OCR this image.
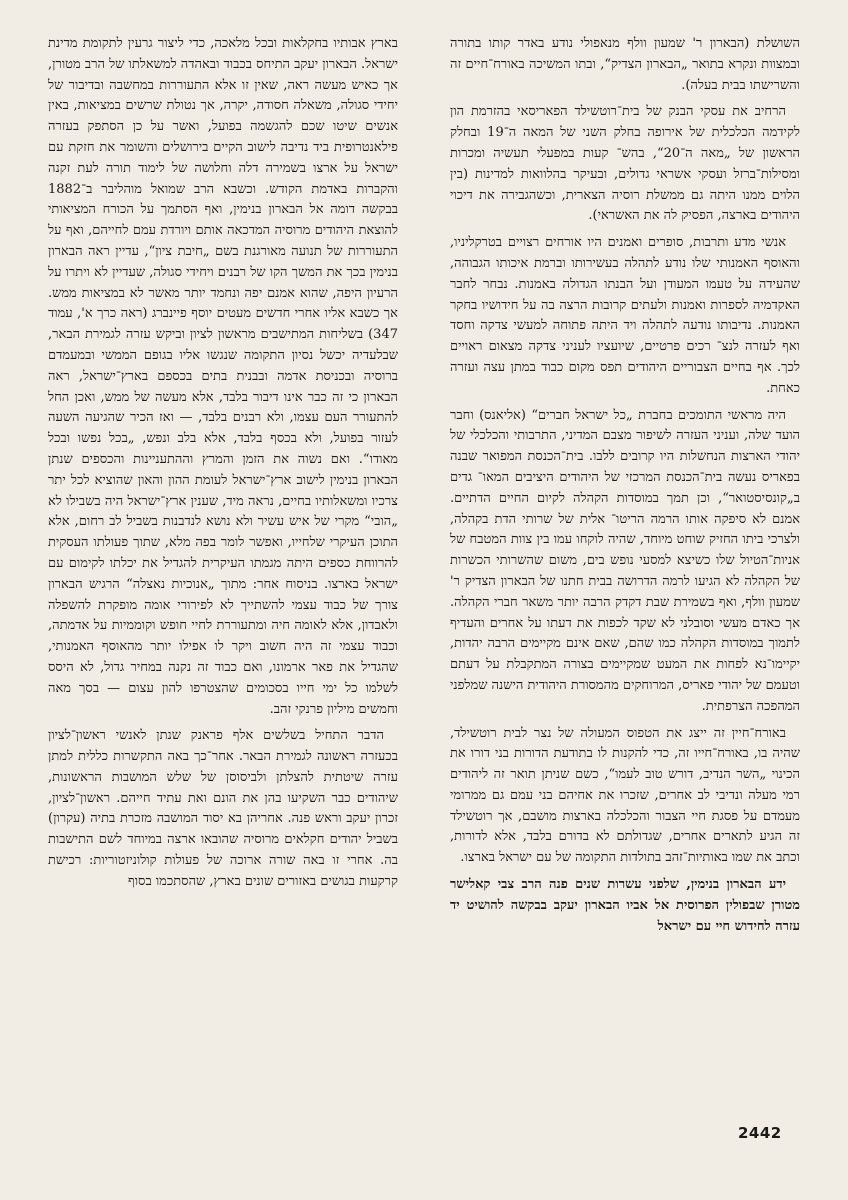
השושלת (הבארון ר' שמעון וולף מנאפולי נודע באדר קותו בתורה ובמצוות ונקרא בתואר „הבארון הצדיק“, ובתו המשיכה באורח־חיים זה והשרישתו בבית בעלה).

הרחיב את עסקי הבנק של בית־רוטשילד הפאריסאי בהזרמת הון לקידמה הכלכלית של אירופה בחלק השני של המאה ה־19 ובחלק הראשון של „מאה ה־20“, בהש־ קעות במפעלי תעשיה ומכרות ומסילות־ברזל ועסקי אשראי גדולים, ובעיקר בהלוואות למדינות (בין הלוים ממנו היתה גם ממשלת רוסיה הצארית, וכשהגבירה את דיכוי היהודים בארצה, הפסיק לה את האשראי).

אנשי מדע ותרבות, סופרים ואמנים היו אורחים רצויים בטרקליניו, והאוסף האמנותי שלו נודע לתהלה בעשירותו וברמת איכותו הגבוהה, שהעידה על טעמו המעודן ועל הבנתו הגדולה באמנות. נבחר לחבר האקדמיה לספרות ואמנות ולעתים קרובות הרצה בה על חידושיו בחקר האמנות. נדיבותו נודעה לתהלה ויד היתה פתוחה למעשי צדקה וחסד ואף לעזרה לנצ־ רכים פרטיים, שיועציו לעניני צדקה מצאום ראויים לכך. אף בחיים הצבוריים היהודים תפס מקום כבוד במתן עצה ועזרה כאחת.

היה מראשי התומכים בחברת „כל ישראל חברים“ (אליאנס) וחבר הועד שלה, ועניני העזרה לשיפור מצבם המדיני, התרבותי והכלכלי של יהודי הארצות הנחשלות היו קרובים ללבו. בית־הכנסת המפואר שבנה בפאריס נעשה בית־הכנסת המרכזי של היהודים היציבים המאו־ גדים ב„קונסיסטואר“, וכן תמך במוסדות הקהלה לקיום החיים הדתיים. אמנם לא סיפקה אותו הרמה הריטו־ אלית של שרותי הדת בקהלה, ולצרכי ביתו החזיק שוחט מיוחד, שהיה לוקחו עמו בין צוות המטבח של אניות־הטיול שלו כשיצא למסעי נופש בים, משום שהשרותי הכשרות של הקהלה לא הגיעו לרמה הדרושה בבית חתנו של הבארון הצדיק ר' שמעון וולף, ואף בשמירת שבת דקדק הרבה יותר משאר חברי הקהלה. אך כאדם מעשי וסובלני לא שקד לכפות את דעתו על אחרים והעדיף לתמוך במוסדות הקהלה כמו שהם, שאם אינם מקיימים הרבה יהדות, יקיימו־נא לפחות את המעט שמקיימים בצורה המתקבלת על דעתם וטעמם של יהודי פאריס, המרוחקים מהמסורת היהודית הישנה שמלפני המהפכה הצרפתית.

באורח־חיין זה ייצג את הטפוס המעולה של נצר לבית רוטשילד, שהיה בו, באורח־חייו זה, כדי להקנות לו בתודעת הדורות בני דורו את הכינוי „השר הנדיב, דורש טוב לעמו“, כשם שניתן תואר זה ליהודים רמי מעלה ונדיבי לב אחרים, שזכרו את אחיהם בני עמם גם ממרומי מעמדם על פסגת חיי הצבור והכלכלה בארצות מושבם, אך רוטשילד זה הגיע לתארים אחרים, שגדולתם לא בדורם בלבד, אלא לדורות, וכתב את שמו באותיות־זהב בתולדות התקומה של עם ישראל בארצו.

ידע הבארון בנימין, שלפני עשרות שנים פנה הרב צבי קאלישר מטורן שבפולין הפרוסית אל אביו הבארון יעקב בבקשה להושיט יד עזרה לחידוש חיי עם ישראל

בארץ אבותיו בחקלאות ובכל מלאכה, כדי ליצור גרעין לתקומת מדינת ישראל. הבארון יעקב התיחס בכבוד ובאהדה למשאלתו של הרב מטורן, אך כאיש מעשה ראה, שאין זו אלא התעוררות במחשבה ובדיבור של יחידי סגולה, משאלה חסודה, יקרה, אך נטולת שרשים במציאות, באין אנשים שיטו שכם להגשמה בפועל, ואשר על כן הסתפק בעזרה פילאנטרופית ביד נדיבה לישוב הקיים בירושלים והשומר את חזקת עם ישראל על ארצו בשמירה דלה וחלושה של לימוד תורה לעת זקנה והקברות באדמת הקודש. וכשבא הרב שמואל מוהליבר ב־1882 בבקשה דומה אל הבארון בנימין, ואף הסתמך על הכורח המציאותי להוצאת היהודים מרוסיה המדכאה אותם ויורדת עמם לחייהם, ואף על התעוררות של תנועה מאורגנת בשם „חיבת ציון“, עדיין ראה הבארון בנימין בכך את המשך הקו של רבנים ויחידי סגולה, שעדיין לא ויתרו על הרעיון היפה, שהוא אמנם יפה ונחמד יותר מאשר לא במציאות ממש. אך כשבא אליו אחרי חדשים מעטים יוסף פיינברג (ראה כרך א', עמוד 347) בשליחות המתישבים מראשון לציון וביקש עזרה לגמירת הבאר, שבלעדיה יכשל נסיון התקומה שנגשו אליו בגופם הממשי ובמעמדם ברוסיה ובכניסת אדמה ובבנית בתים בכספם בארץ־ישראל, ראה הבארון כי זה כבר אינו דיבור בלבד, אלא מעשה של ממש, ואכן החל להתעורר העם עצמו, ולא רבנים בלבד, — ואז הכיר שהגיעה השעה לעזור בפועל, ולא בכסף בלבד, אלא בלב ונפש, „בכל נפשו ובכל מאודו“. ואם נשוה את הזמן והמרץ וההתעניינות והכספים שנתן הבארון בנימין לישוב ארץ־ישראל לעומת ההון והאון שהוציא לכל יתר צרכיו ומשאלותיו בחיים, נראה מיד, שענין ארץ־ישראל היה בשבילו לא „הובי“ מקרי של איש עשיר ולא נושא לנדבנות בשביל לב רחום, אלא התוכן העיקרי שלחייו, ואפשר לומר בפה מלא, שתוך פעולתו העסקית להרווחת כספים היתה מגמתו העיקרית להגדיל את יכלתו לקימום עם ישראל בארצו. בניסוח אחר: מתוך „אנוכיות נאצלה“ הרגיש הבארון צורך של כבוד עצמי להשתייך לא לפירורי אומה מופקרת להשפלה ולאבדון, אלא לאומה חיה ומתעוררת לחיי חופש וקוממיות על אדמתה, וכבוד עצמי זה היה חשוב ויקר לו אפילו יותר מהאוסף האמנותי, שהגדיל את פאר ארמונו, ואם כבוד זה נקנה במחיר גדול, לא היסס לשלמו כל ימי חייו בסכומים שהצטרפו להון עצום — בסך מאה וחמשים מיליון פרנקי זהב.

הדבר התחיל בשלשים אלף פראנק שנתן לאנשי ראשון־לציון בכעזרה ראשונה לגמירת הבאר. אחר־כך באה התקשרות כללית למתן עזרה שיטתית להצלתן ולביסוסן של שלש המושבות הראשונות, שיהודים כבר השקיעו בהן את הונם ואת עתיד חייהם. ראשון־לציון, זכרון יעקב וראש פנה. אחריהן בא יסוד המושבה מזכרת בתיה (עקרון) בשביל יהודים חקלאים מרוסיה שהובאו ארצה במיוחד לשם התישבות בה. אחרי זו באה שורה ארוכה של פעולות קולוניזטוריות: רכישת קרקעות בגושים באזורים שונים בארץ, שהסתכמו בסוף

2442
